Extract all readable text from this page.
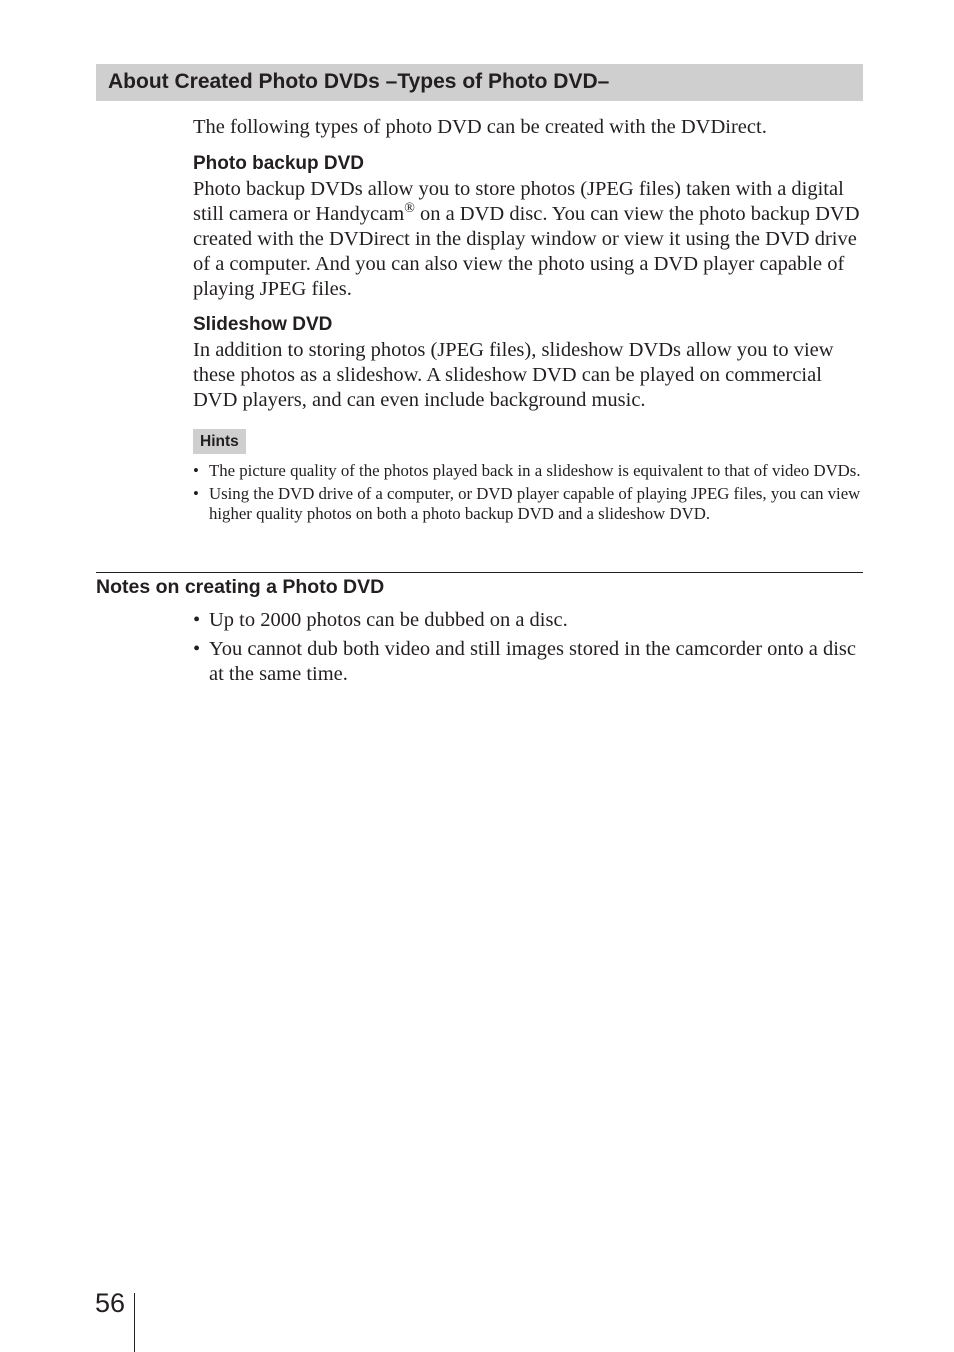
About Created Photo DVDs –Types of Photo DVD–

The following types of photo DVD can be created with the DVDirect.

Photo backup DVD

Photo backup DVDs allow you to store photos (JPEG files) taken with a digital still camera or Handycam® on a DVD disc. You can view the photo backup DVD created with the DVDirect in the display window or view it using the DVD drive of a computer. And you can also view the photo using a DVD player capable of playing JPEG files.

Slideshow DVD

In addition to storing photos (JPEG files), slideshow DVDs allow you to view these photos as a slideshow. A slideshow DVD can be played on commercial DVD players, and can even include background music.

Hints
• The picture quality of the photos played back in a slideshow is equivalent to that of video DVDs.
• Using the DVD drive of a computer, or DVD player capable of playing JPEG files, you can view higher quality photos on both a photo backup DVD and a slideshow DVD.
Notes on creating a Photo DVD
• Up to 2000 photos can be dubbed on a disc.
• You cannot dub both video and still images stored in the camcorder onto a disc at the same time.
56
